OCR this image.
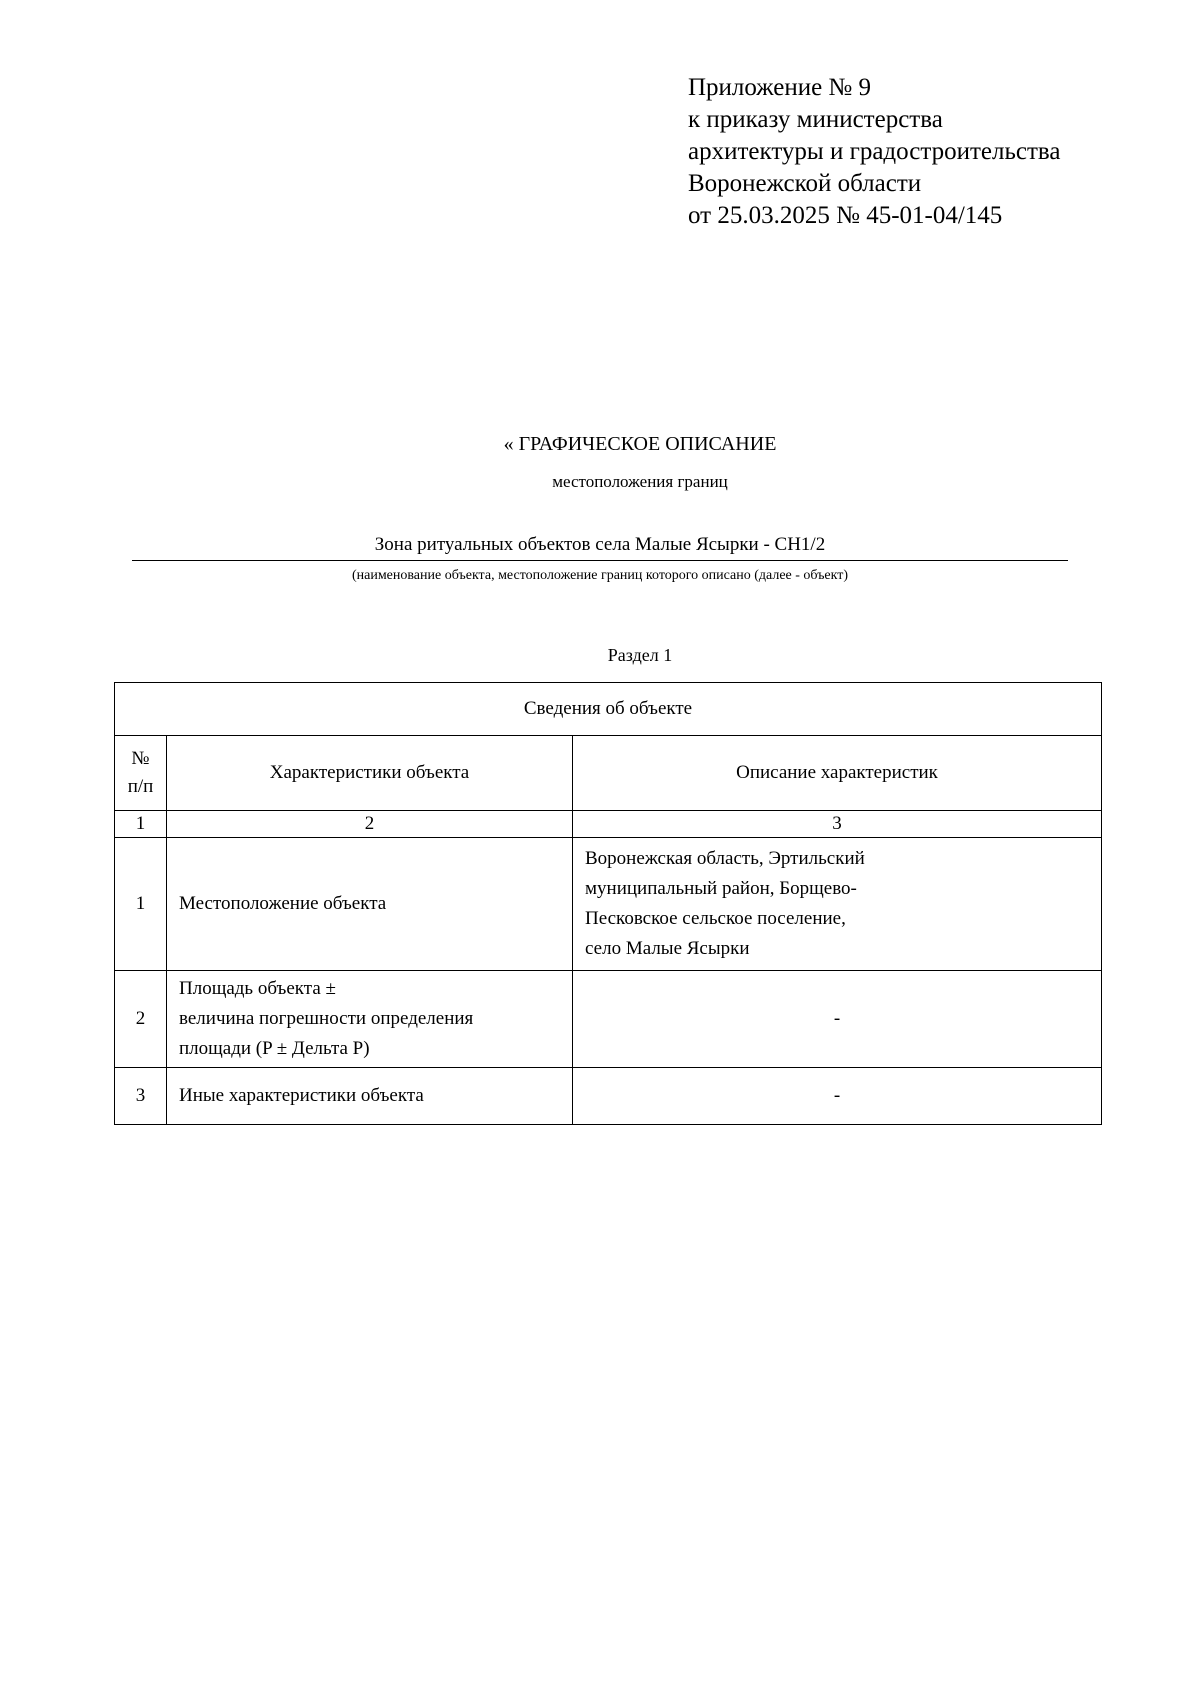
Приложение № 9
к приказу министерства
архитектуры и градостроительства
Воронежской области
от 25.03.2025 № 45-01-04/145
« ГРАФИЧЕСКОЕ ОПИСАНИЕ
местоположения границ
Зона ритуальных объектов села Малые Ясырки - СН1/2
(наименование объекта, местоположение границ которого описано (далее - объект)
Раздел 1
Сведения об объекте		

№
п/п	Характеристики объекта	Описание характеристик
1	2	3
1	Местоположение объекта	Воронежская область, Эртильский
муниципальный район, Борщево-
Песковское сельское поселение,
село Малые Ясырки

2	Площадь объекта ±
величина погрешности определения
площади (P ± Дельта P)	-

3	Иные характеристики объекта	-
